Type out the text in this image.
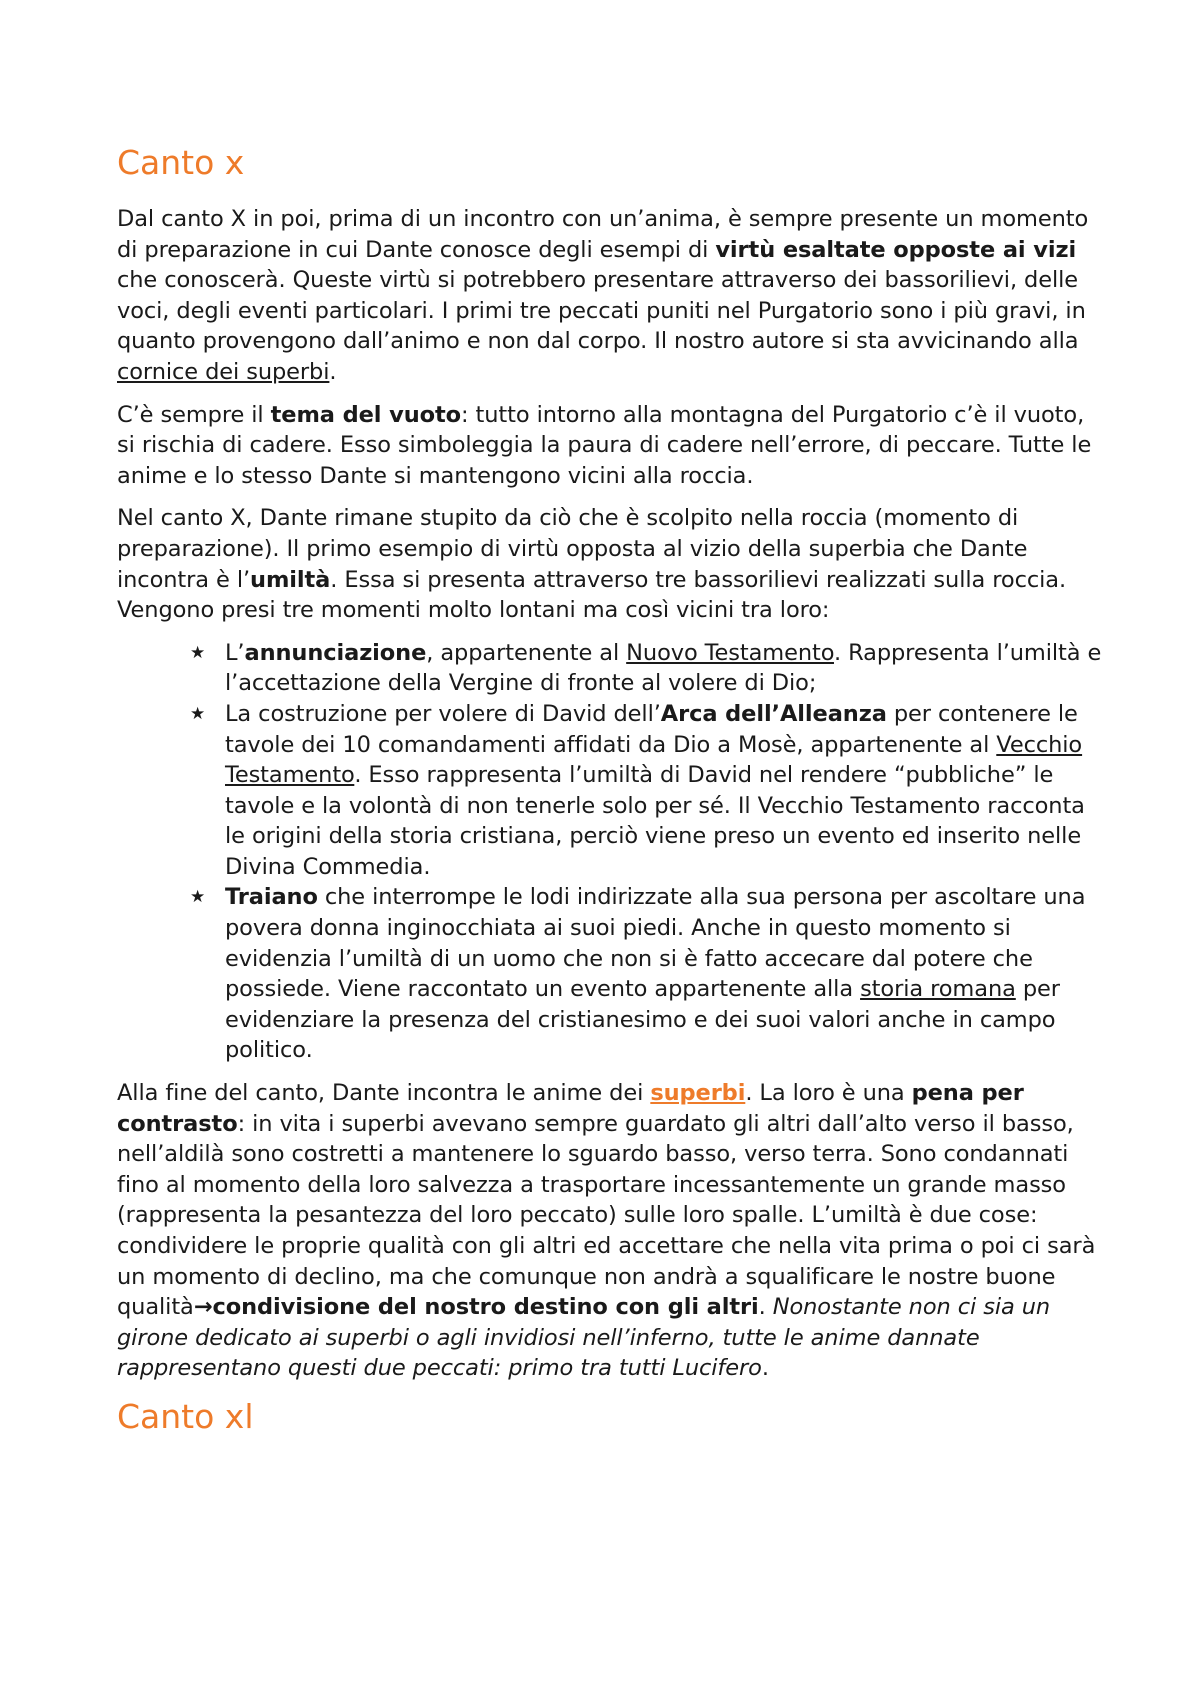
Canto x

Dal canto X in poi, prima di un incontro con un’anima, è sempre presente un momento di preparazione in cui Dante conosce degli esempi di virtù esaltate opposte ai vizi che conoscerà. Queste virtù si potrebbero presentare attraverso dei bassorilievi, delle voci, degli eventi particolari. I primi tre peccati puniti nel Purgatorio sono i più gravi, in quanto provengono dall’animo e non dal corpo. Il nostro autore si sta avvicinando alla cornice dei superbi.

C’è sempre il tema del vuoto: tutto intorno alla montagna del Purgatorio c’è il vuoto, si rischia di cadere. Esso simboleggia la paura di cadere nell’errore, di peccare. Tutte le anime e lo stesso Dante si mantengono vicini alla roccia.

Nel canto X, Dante rimane stupito da ciò che è scolpito nella roccia (momento di preparazione). Il primo esempio di virtù opposta al vizio della superbia che Dante incontra è l’umiltà. Essa si presenta attraverso tre bassorilievi realizzati sulla roccia. Vengono presi tre momenti molto lontani ma così vicini tra loro:

★ L’annunciazione, appartenente al Nuovo Testamento. Rappresenta l’umiltà e l’accettazione della Vergine di fronte al volere di Dio;
★ La costruzione per volere di David dell’Arca dell’Alleanza per contenere le tavole dei 10 comandamenti affidati da Dio a Mosè, appartenente al Vecchio Testamento. Esso rappresenta l’umiltà di David nel rendere “pubbliche” le tavole e la volontà di non tenerle solo per sé. Il Vecchio Testamento racconta le origini della storia cristiana, perciò viene preso un evento ed inserito nelle Divina Commedia.
★ Traiano che interrompe le lodi indirizzate alla sua persona per ascoltare una povera donna inginocchiata ai suoi piedi. Anche in questo momento si evidenzia l’umiltà di un uomo che non si è fatto accecare dal potere che possiede. Viene raccontato un evento appartenente alla storia romana per evidenziare la presenza del cristianesimo e dei suoi valori anche in campo politico.

Alla fine del canto, Dante incontra le anime dei superbi. La loro è una pena per contrasto: in vita i superbi avevano sempre guardato gli altri dall’alto verso il basso, nell’aldilà sono costretti a mantenere lo sguardo basso, verso terra. Sono condannati fino al momento della loro salvezza a trasportare incessantemente un grande masso (rappresenta la pesantezza del loro peccato) sulle loro spalle. L’umiltà è due cose: condividere le proprie qualità con gli altri ed accettare che nella vita prima o poi ci sarà un momento di declino, ma che comunque non andrà a squalificare le nostre buone qualità→condivisione del nostro destino con gli altri. Nonostante non ci sia un girone dedicato ai superbi o agli invidiosi nell’inferno, tutte le anime dannate rappresentano questi due peccati: primo tra tutti Lucifero.

Canto xl
